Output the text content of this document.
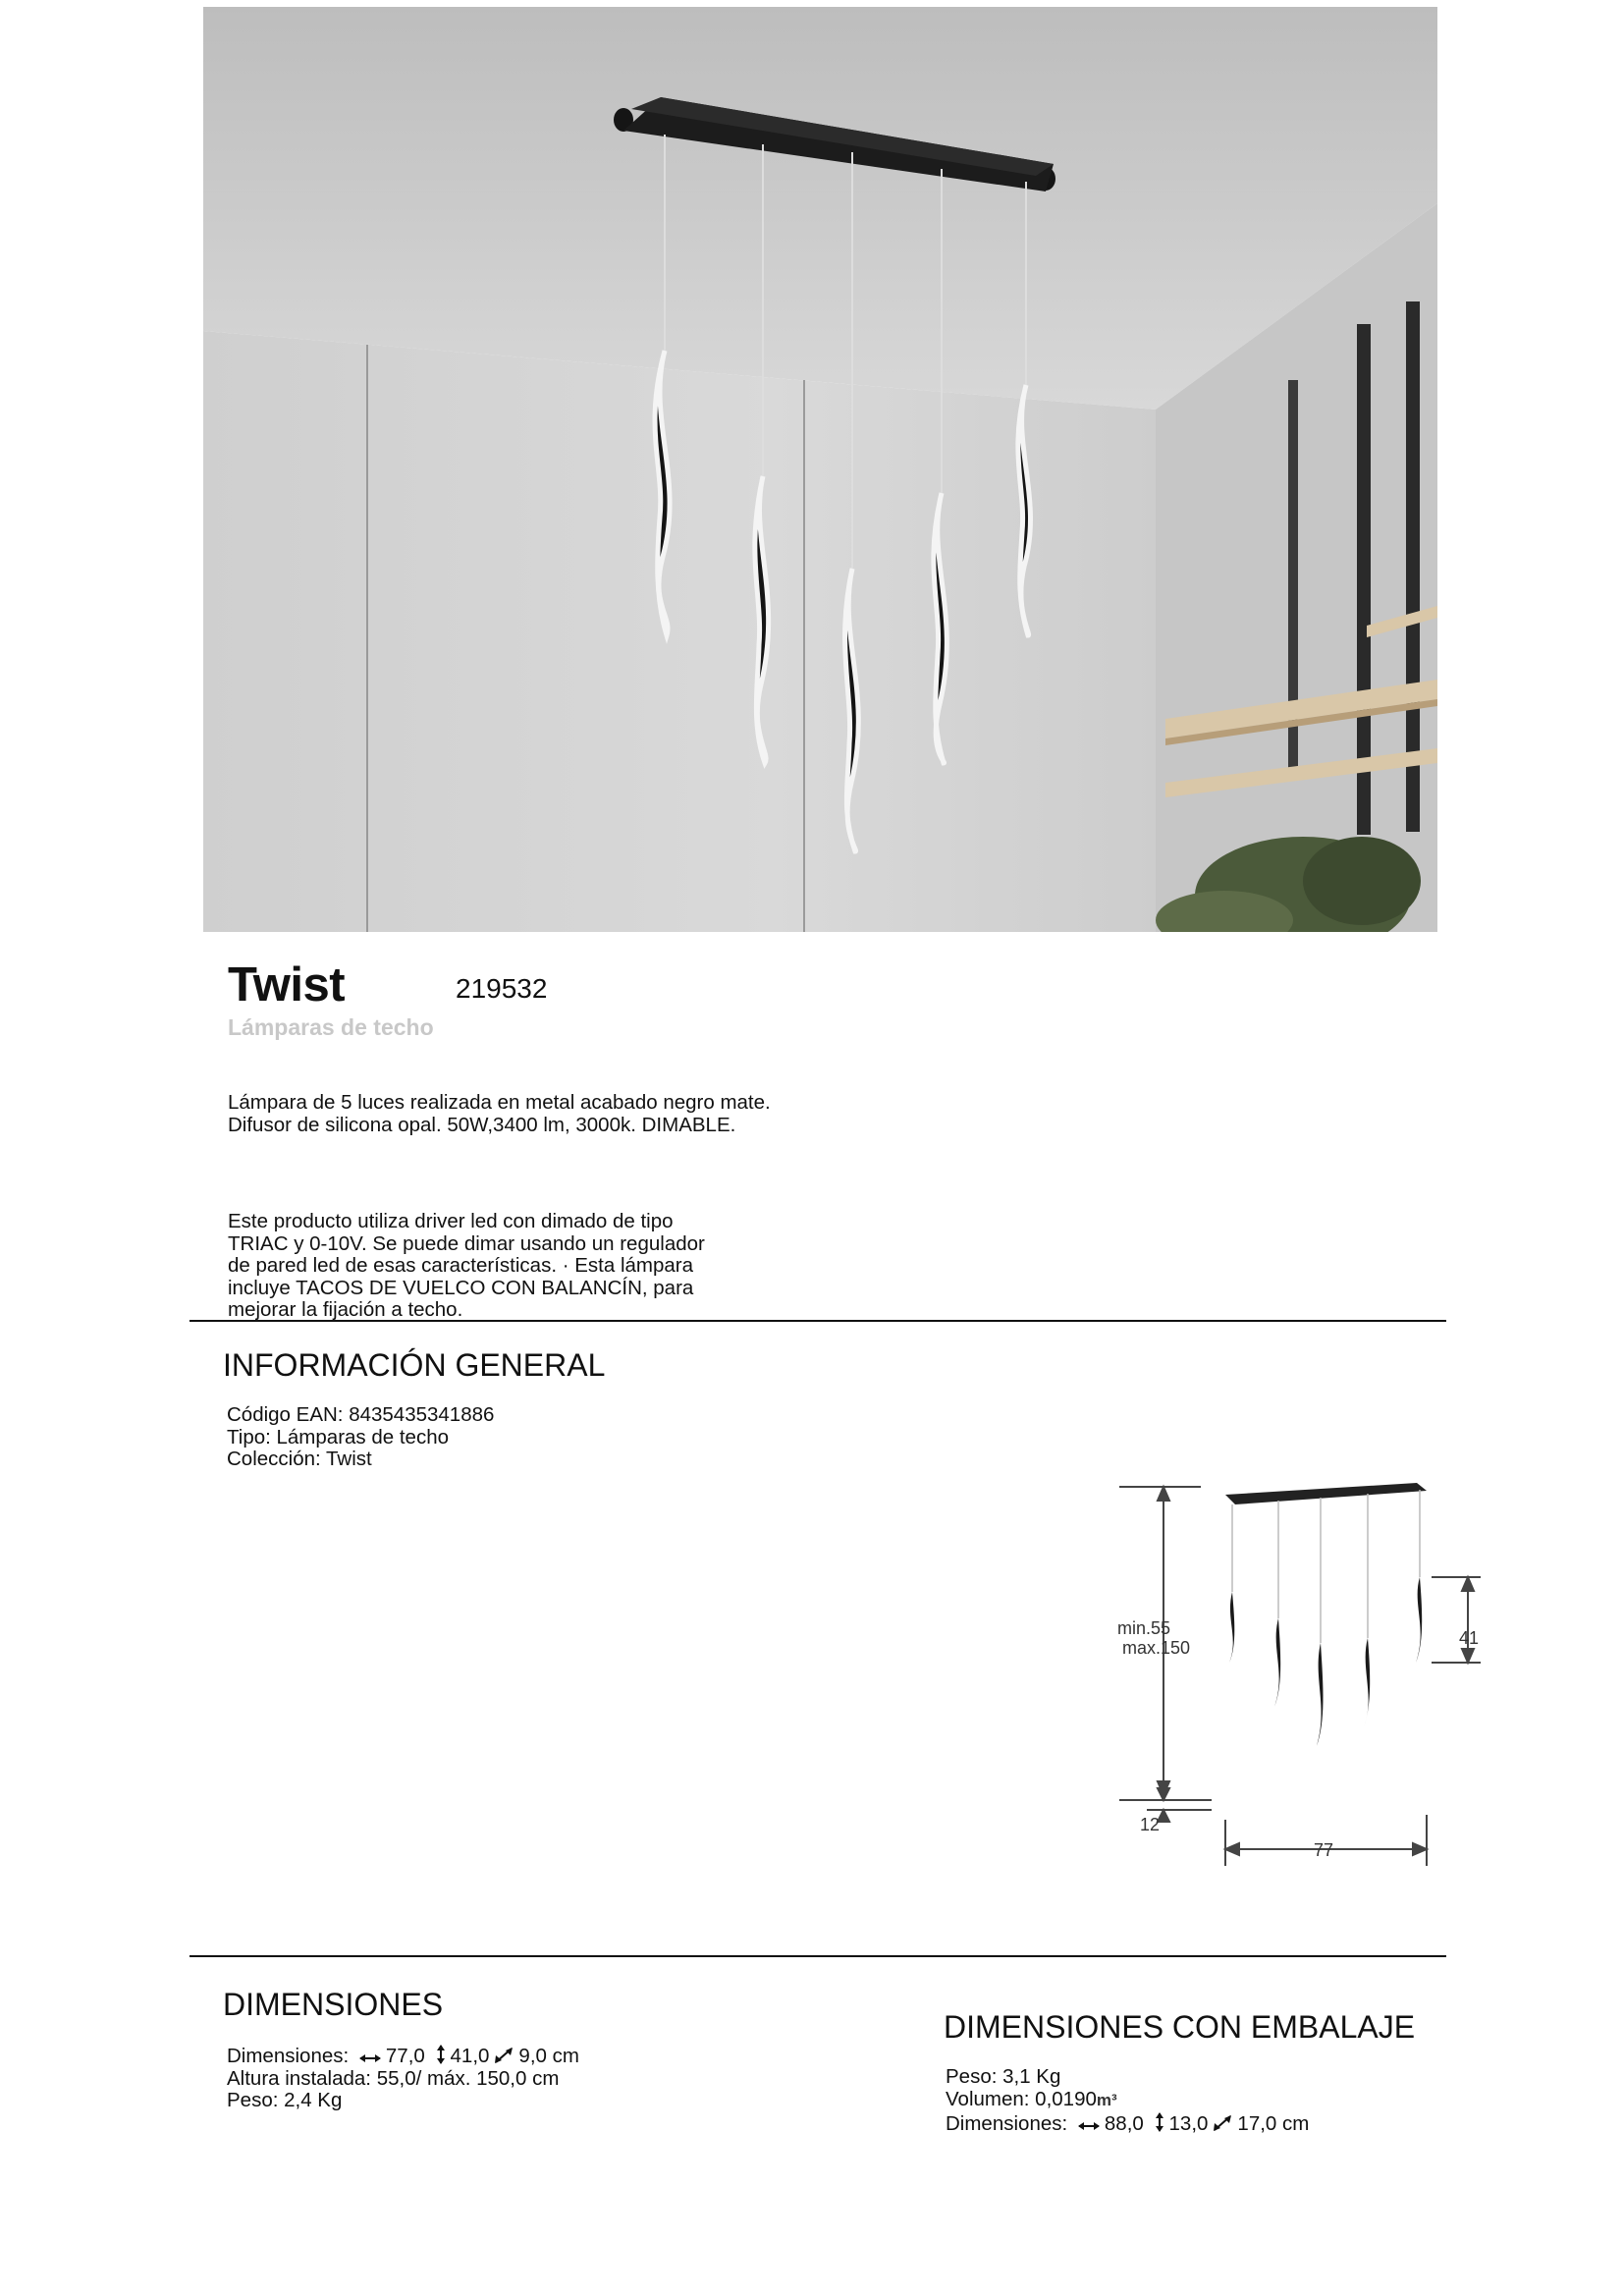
Twist	219532
Lámparas de techo
Lámpara de 5 luces realizada en metal acabado negro mate.
Difusor de silicona opal. 50W,3400 lm, 3000k. DIMABLE.
Este producto utiliza driver led con dimado de tipo
TRIAC y 0-10V. Se puede dimar usando un regulador
de pared led de esas características. · Esta lámpara
incluye TACOS DE VUELCO CON BALANCÍN, para
mejorar la fijación a techo.
INFORMACIÓN GENERAL
Código EAN: 8435435341886
Tipo: Lámparas de techo
Colección: Twist
min.55
max.150
12
41
77
DIMENSIONES
Dimensiones: 77,0 41,0 9,0 cm
Altura instalada: 55,0/ máx. 150,0 cm
Peso: 2,4 Kg
DIMENSIONES CON EMBALAJE
Peso: 3,1 Kg
Volumen: 0,0190m³
Dimensiones: 88,0 13,0 17,0 cm
